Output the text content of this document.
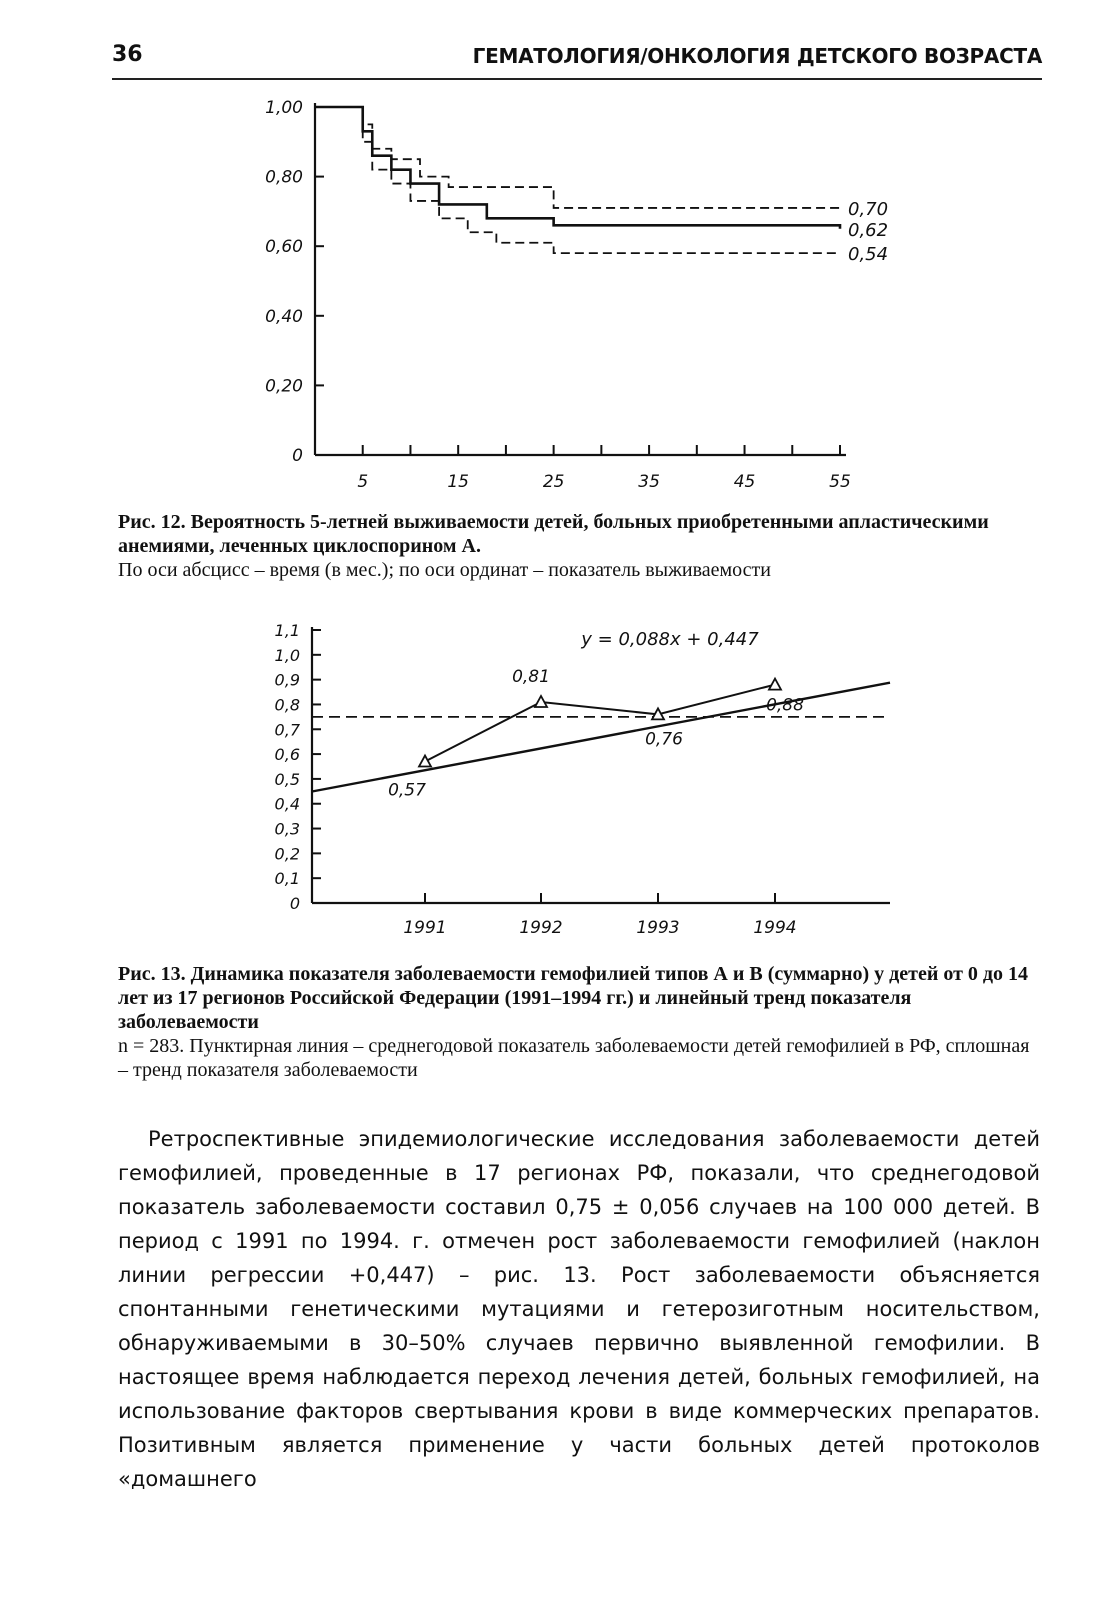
36	ГЕМАТОЛОГИЯ/ОНКОЛОГИЯ ДЕТСКОГО ВОЗРАСТА
1,00
0,80
0,60
0,40
0,20
0
5	15	25	35	45	55
0,70
0,62
0,54
Рис. 12. Вероятность 5-летней выживаемости детей, больных приобретенными апластическими анемиями, леченных циклоспорином А.
По оси абсцисс – время (в мес.); по оси ординат – показатель выживаемости
1,1
1,0
0,9
0,8
0,7
0,6
0,5
0,4
0,3
0,2
0,1
0
1991	1992	1993	1994
0,57
0,81
0,76
0,88
y = 0,088x + 0,447
Рис. 13. Динамика показателя заболеваемости гемофилией типов А и В (суммарно) у детей от 0 до 14 лет из 17 регионов Российской Федерации (1991–1994 гг.) и линейный тренд показателя заболеваемости
n = 283. Пунктирная линия – среднегодовой показатель заболеваемости детей гемофилией в РФ, сплошная – тренд показателя заболеваемости

Ретроспективные эпидемиологические исследования заболеваемости детей гемофилией, проведенные в 17 регионах РФ, показали, что среднегодовой показатель заболеваемости составил 0,75 ± 0,056 случаев на 100 000 детей. В период с 1991 по 1994. г. отмечен рост заболеваемости гемофилией (наклон линии регрессии +0,447) – рис. 13. Рост заболеваемости объясняется спонтанными генетическими мутациями и гетерозиготным носительством, обнаруживаемыми в 30–50% случаев первично выявленной гемофилии. В настоящее время наблюдается переход лечения детей, больных гемофилией, на использование факторов свертывания крови в виде коммерческих препаратов. Позитивным является применение у части больных детей протоколов «домашнего
